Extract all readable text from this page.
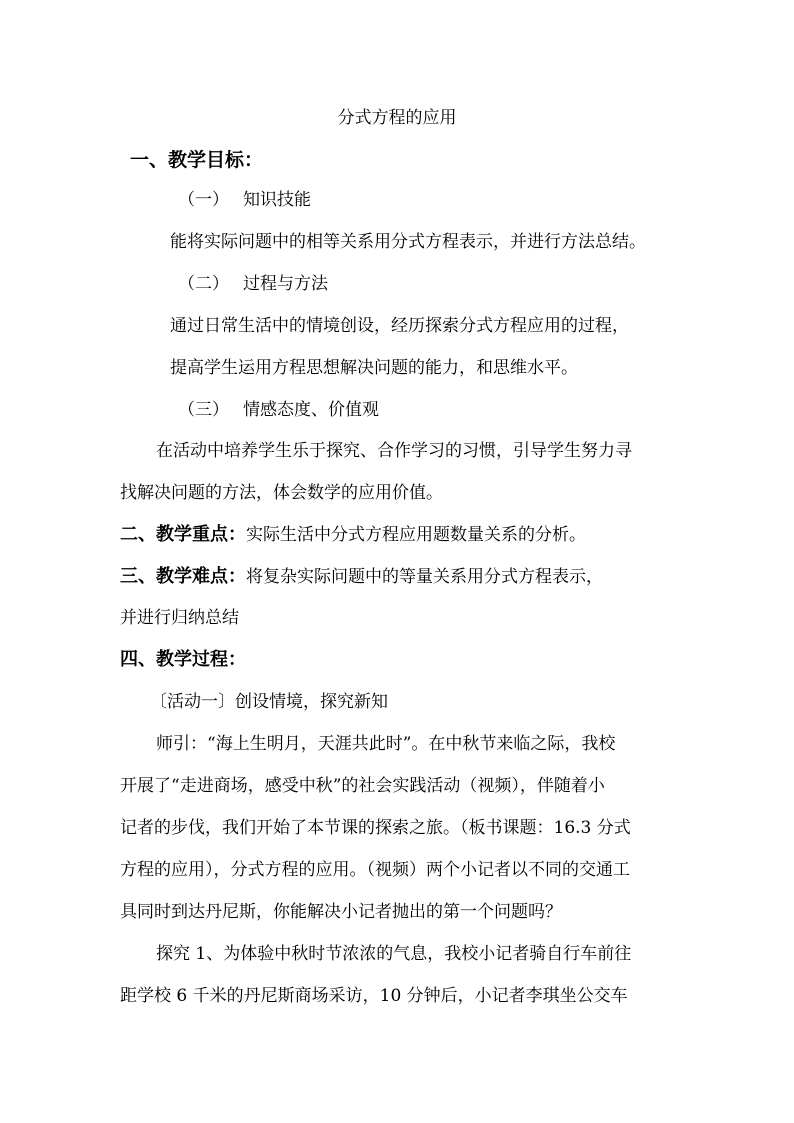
分式方程的应用
一、教学目标：
（一） 知识技能
能将实际问题中的相等关系用分式方程表示，并进行方法总结。
（二） 过程与方法
通过日常生活中的情境创设，经历探索分式方程应用的过程，
提高学生运用方程思想解决问题的能力，和思维水平。
（三） 情感态度、价值观
在活动中培养学生乐于探究、合作学习的习惯，引导学生努力寻
找解决问题的方法，体会数学的应用价值。
二、教学重点：实际生活中分式方程应用题数量关系的分析。
三、教学难点：将复杂实际问题中的等量关系用分式方程表示，
并进行归纳总结
四、教学过程：
〔活动一〕创设情境，探究新知
师引：“海上生明月，天涯共此时”。在中秋节来临之际，我校
开展了“走进商场，感受中秋”的社会实践活动（视频），伴随着小
记者的步伐，我们开始了本节课的探索之旅。（板书课题：16.3 分式
方程的应用），分式方程的应用。（视频）两个小记者以不同的交通工
具同时到达丹尼斯，你能解决小记者抛出的第一个问题吗？
探究 1、为体验中秋时节浓浓的气息，我校小记者骑自行车前往
距学校 6 千米的丹尼斯商场采访，10 分钟后，小记者李琪坐公交车
